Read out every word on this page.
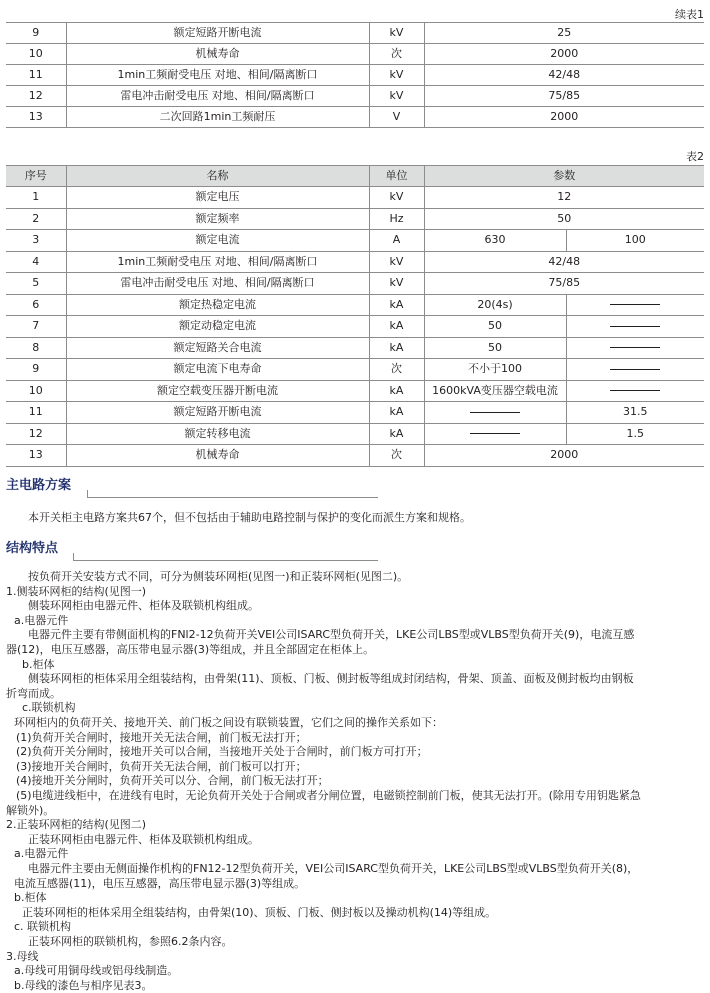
续表1
9	额定短路开断电流	kV	25
10	机械寿命	次	2000
11	1min工频耐受电压 对地、相间/隔离断口	kV	42/48
12	雷电冲击耐受电压 对地、相间/隔离断口	kV	75/85
13	二次回路1min工频耐压	V	2000
表2
序号	名称	单位	参数	
1	额定电压	kV	12	
2	额定频率	Hz	50	
3	额定电流	A	630	100
4	1min工频耐受电压 对地、相间/隔离断口	kV	42/48	
5	雷电冲击耐受电压 对地、相间/隔离断口	kV	75/85	
6	额定热稳定电流	kA	20(4s)	
7	额定动稳定电流	kA	50	
8	额定短路关合电流	kA	50	
9	额定电流下电寿命	次	不小于100	
10	额定空载变压器开断电流	kA	1600kVA变压器空载电流	
11	额定短路开断电流	kA		31.5
12	额定转移电流	kA		1.5
13	机械寿命	次	2000	
主电路方案
本开关柜主电路方案共67个，但不包括由于辅助电路控制与保护的变化而派生方案和规格。
结构特点
按负荷开关安装方式不同，可分为侧装环网柜(见图一)和正装环网柜(见图二)。
1.侧装环网柜的结构(见图一)
侧装环网柜由电器元件、柜体及联锁机构组成。
a.电器元件
电器元件主要有带侧面机构的FNl2-12负荷开关VEI公司ISARC型负荷开关，LKE公司LBS型或VLBS型负荷开关(9)，电流互感
器(12)，电压互感器，高压带电显示器(3)等组成，并且全部固定在柜体上。
b.柜体
侧装环网柜的柜体采用全组装结构，由骨架(11)、顶板、门板、侧封板等组成封闭结构，骨架、顶盖、面板及侧封板均由钢板
折弯而成。
c.联锁机构
环网柜内的负荷开关、接地开关、前门板之间设有联锁装置，它们之间的操作关系如下：
(1)负荷开关合闸时，接地开关无法合闸，前门板无法打开；
(2)负荷开关分闸时，接地开关可以合闸，当接地开关处于合闸时，前门板方可打开；
(3)接地开关合闸时，负荷开关无法合闸，前门板可以打开；
(4)接地开关分闸时，负荷开关可以分、合闸，前门板无法打开；
(5)电缆进线柜中，在进线有电时，无论负荷开关处于合闸或者分闸位置，电磁锁控制前门板，使其无法打开。(除用专用钥匙紧急
解锁外)。
2.正装环网柜的结构(见图二)
正装环网柜由电器元件、柜体及联锁机构组成。
a.电器元件
电器元件主要由无侧面操作机构的FN12-12型负荷开关，VEI公司ISARC型负荷开关，LKE公司LBS型或VLBS型负荷开关(8)，
电流互感器(11)，电压互感器，高压带电显示器(3)等组成。
b.柜体
正装环网柜的柜体采用全组装结构，由骨架(10)、顶板、门板、侧封板以及操动机构(14)等组成。
c. 联锁机构
正装环网柜的联锁机构，参照6.2条内容。
3.母线
a.母线可用铜母线或铝母线制造。
b.母线的漆色与相序见表3。
